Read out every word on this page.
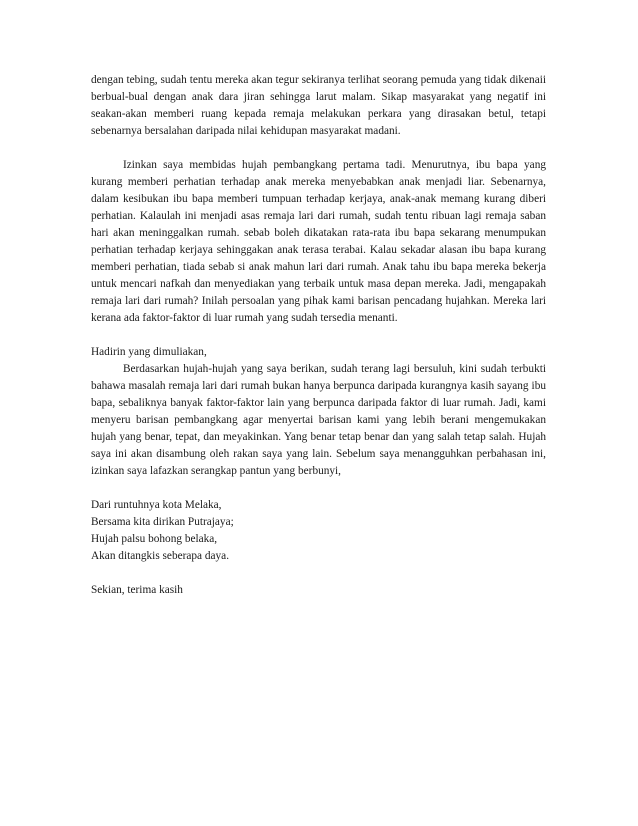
dengan tebing, sudah tentu mereka akan tegur sekiranya terlihat seorang pemuda yang tidak dikenaii berbual-bual dengan anak dara jiran sehingga larut malam. Sikap masyarakat yang negatif ini seakan-akan memberi ruang kepada remaja melakukan perkara yang dirasakan betul, tetapi sebenarnya bersalahan daripada nilai kehidupan masyarakat madani.

Izinkan saya membidas hujah pembangkang pertama tadi. Menurutnya, ibu bapa yang kurang memberi perhatian terhadap anak mereka menyebabkan anak menjadi liar. Sebenarnya, dalam kesibukan ibu bapa memberi tumpuan terhadap kerjaya, anak-anak memang kurang diberi perhatian. Kalaulah ini menjadi asas remaja lari dari rumah, sudah tentu ribuan lagi remaja saban hari akan meninggalkan rumah. sebab boleh dikatakan rata-rata ibu bapa sekarang menumpukan perhatian terhadap kerjaya sehinggakan anak terasa terabai. Kalau sekadar alasan ibu bapa kurang memberi perhatian, tiada sebab si anak mahun lari dari rumah. Anak tahu ibu bapa mereka bekerja untuk mencari nafkah dan menyediakan yang terbaik untuk masa depan mereka. Jadi, mengapakah remaja lari dari rumah? Inilah persoalan yang pihak kami barisan pencadang hujahkan. Mereka lari kerana ada faktor-faktor di luar rumah yang sudah tersedia menanti.

Hadirin yang dimuliakan,

Berdasarkan hujah-hujah yang saya berikan, sudah terang lagi bersuluh, kini sudah terbukti bahawa masalah remaja lari dari rumah bukan hanya berpunca daripada kurangnya kasih sayang ibu bapa, sebaliknya banyak faktor-faktor lain yang berpunca daripada faktor di luar rumah. Jadi, kami menyeru barisan pembangkang agar menyertai barisan kami yang lebih berani mengemukakan hujah yang benar, tepat, dan meyakinkan. Yang benar tetap benar dan yang salah tetap salah. Hujah saya ini akan disambung oleh rakan saya yang lain. Sebelum saya menangguhkan perbahasan ini, izinkan saya lafazkan serangkap pantun yang berbunyi,

Dari runtuhnya kota Melaka,
Bersama kita dirikan Putrajaya;
Hujah palsu bohong belaka,
Akan ditangkis seberapa daya.

Sekian, terima kasih
